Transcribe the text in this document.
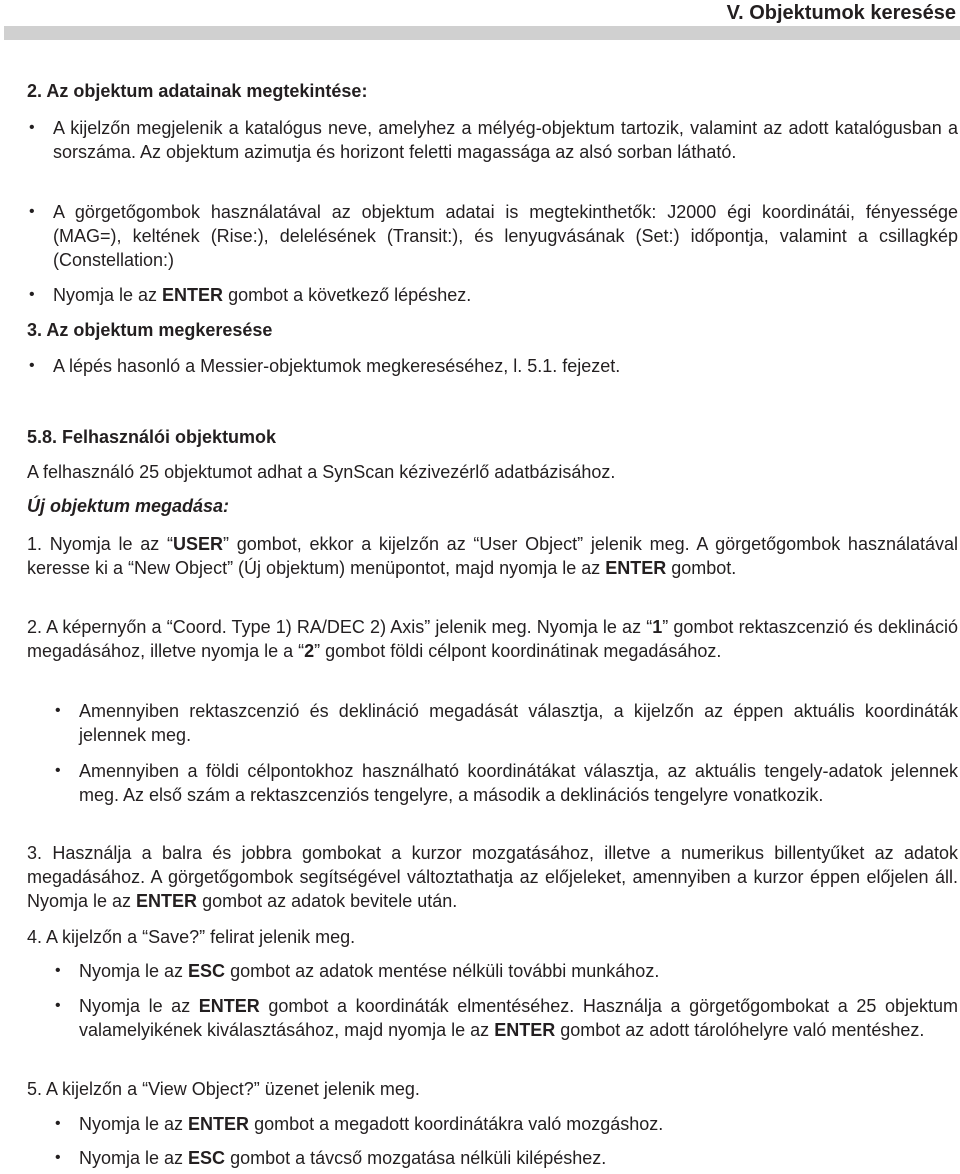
V. Objektumok keresése
2. Az objektum adatainak megtekintése:
• A kijelzőn megjelenik a katalógus neve, amelyhez a mélyég-objektum tartozik, valamint az adott katalógusban a sorszáma. Az objektum azimutja és horizont feletti magassága az alsó sorban látható.
• A görgetőgombok használatával az objektum adatai is megtekinthetők: J2000 égi koordinátái, fényessége (MAG=), keltének (Rise:), delelésének (Transit:), és lenyugvásának (Set:) időpontja, valamint a csillagkép (Constellation:)
• Nyomja le az ENTER gombot a következő lépéshez.
3. Az objektum megkeresése
• A lépés hasonló a Messier-objektumok megkereséséhez, l. 5.1. fejezet.
5.8. Felhasználói objektumok
A felhasználó 25 objektumot adhat a SynScan kézivezérlő adatbázisához.
Új objektum megadása:
1. Nyomja le az “USER” gombot, ekkor a kijelzőn az “User Object” jelenik meg. A görgetőgombok használatával keresse ki a “New Object” (Új objektum) menüpontot, majd nyomja le az ENTER gombot.
2. A képernyőn a “Coord. Type 1) RA/DEC 2) Axis” jelenik meg. Nyomja le az “1” gombot rektaszcenzió és deklináció megadásához, illetve nyomja le a “2” gombot földi célpont koordinátinak megadásához.
• Amennyiben rektaszcenzió és deklináció megadását választja, a kijelzőn az éppen aktuális koordináták jelennek meg.
• Amennyiben a földi célpontokhoz használható koordinátákat választja, az aktuális tengely-adatok jelennek meg. Az első szám a rektaszcenziós tengelyre, a második a deklinációs tengelyre vonatkozik.
3. Használja a balra és jobbra gombokat a kurzor mozgatásához, illetve a numerikus billentyűket az adatok megadásához. A görgetőgombok segítségével változtathatja az előjeleket, amennyiben a kurzor éppen előjelen áll. Nyomja le az ENTER gombot az adatok bevitele után.
4. A kijelzőn a “Save?” felirat jelenik meg.
• Nyomja le az ESC gombot az adatok mentése nélküli további munkához.
• Nyomja le az ENTER gombot a koordináták elmentéséhez. Használja a görgetőgombokat a 25 objektum valamelyikének kiválasztásához, majd nyomja le az ENTER gombot az adott tárolóhelyre való mentéshez.
5. A kijelzőn a “View Object?” üzenet jelenik meg.
• Nyomja le az ENTER gombot a megadott koordinátákra való mozgáshoz.
• Nyomja le az ESC gombot a távcső mozgatása nélküli kilépéshez.
